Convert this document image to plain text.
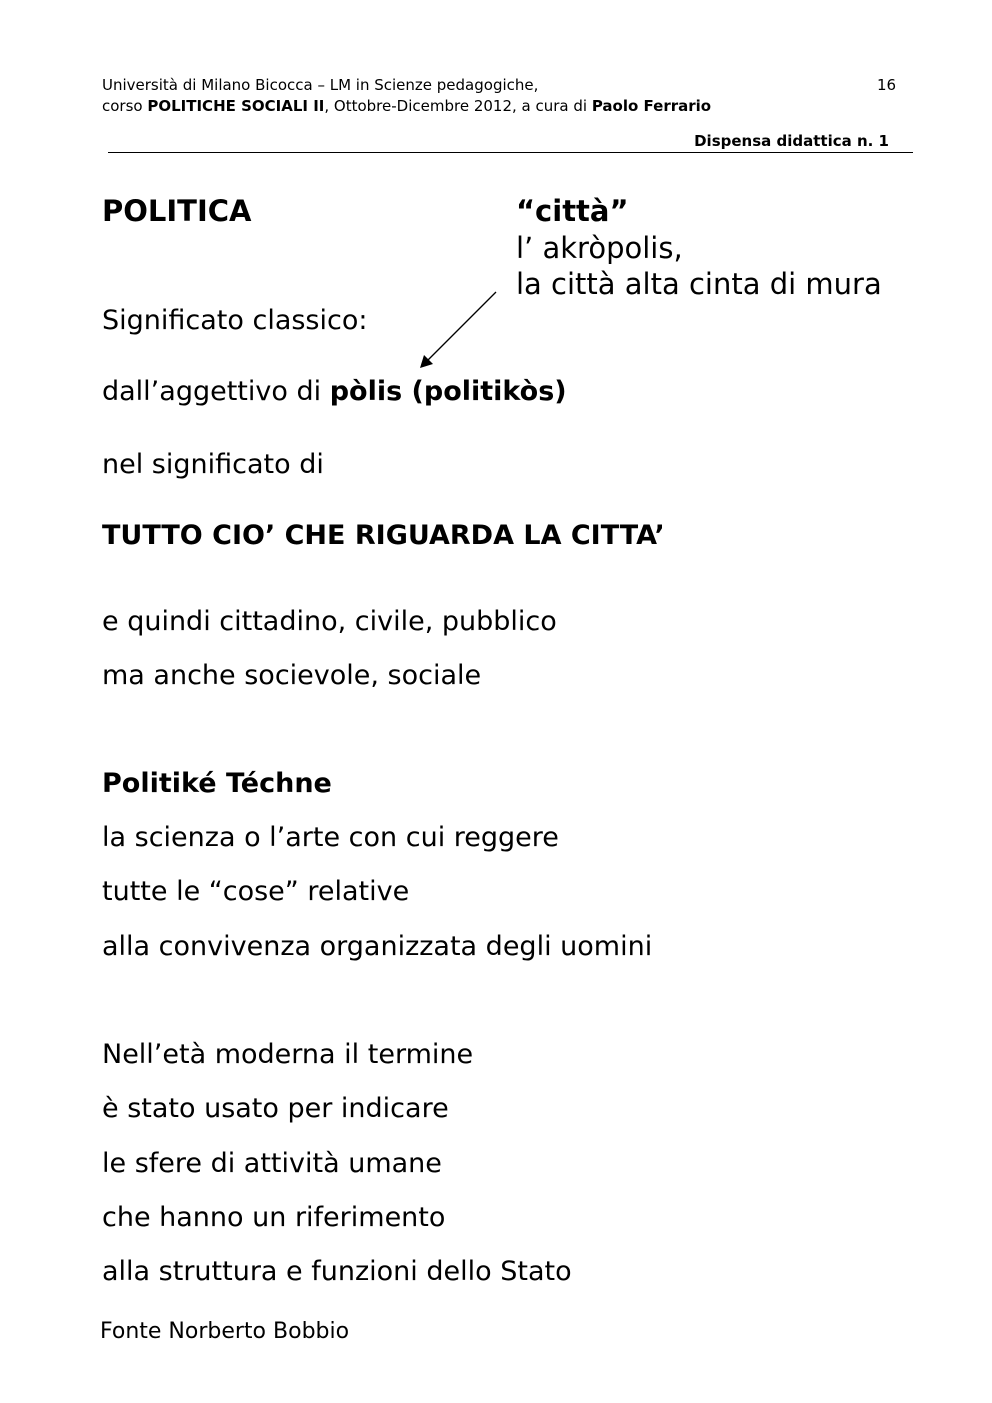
Università di Milano Bicocca – LM in Scienze pedagogiche,
corso POLITICHE SOCIALI II, Ottobre-Dicembre 2012, a cura di Paolo Ferrario
16
Dispensa didattica n. 1
POLITICA	“città”
l’ akròpolis,
la città alta cinta di mura
Significato classico:
dall’aggettivo di pòlis (politikòs)
nel significato di
TUTTO CIO’ CHE RIGUARDA LA CITTA’
e quindi cittadino, civile, pubblico
ma anche socievole, sociale
Politiké Téchne
la scienza o l’arte con cui reggere
tutte le “cose” relative
alla convivenza organizzata degli uomini
Nell’età moderna il termine
è stato usato per indicare
le sfere di attività umane
che hanno un riferimento
alla struttura e funzioni dello Stato
Fonte Norberto Bobbio
